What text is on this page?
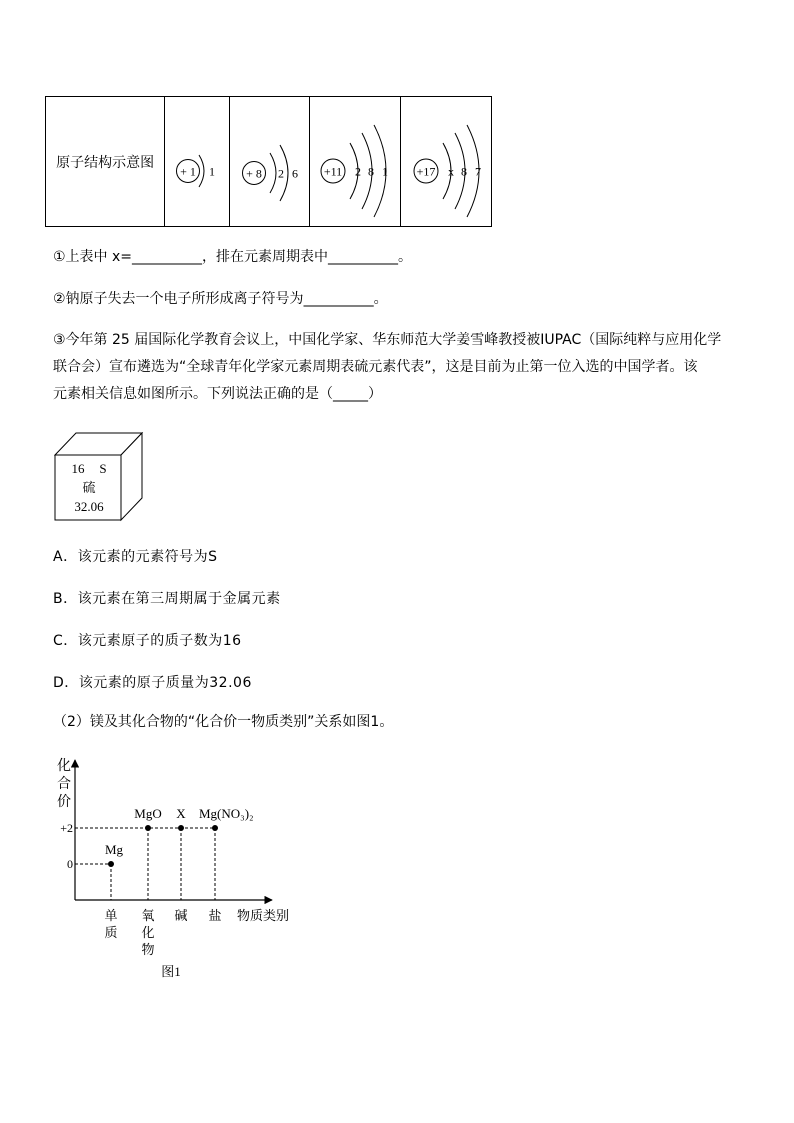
原子结构示意图	
+ 1 1	+ 8 2 6	+11 2 8 1	+17 x 8 7
①上表中 x=__________，排在元素周期表中__________。
②钠原子失去一个电子所形成离子符号为__________。
③今年第 25 届国际化学教育会议上，中国化学家、华东师范大学姜雪峰教授被IUPAC（国际纯粹与应用化学
联合会）宣布遴选为“全球青年化学家元素周期表硫元素代表”，这是目前为止第一位入选的中国学者。该
元素相关信息如图所示。下列说法正确的是（_____）
16 S
硫
32.06
A．该元素的元素符号为S
B．该元素在第三周期属于金属元素
C．该元素原子的质子数为16
D．该元素的原子质量为32.06
（2）镁及其化合物的“化合价一物质类别”关系如图1。
化
合
价
物质类别
图1
+2
0
Mg
MgO X Mg(NO₃)₂
单
质
氧
化
物
碱 盐
